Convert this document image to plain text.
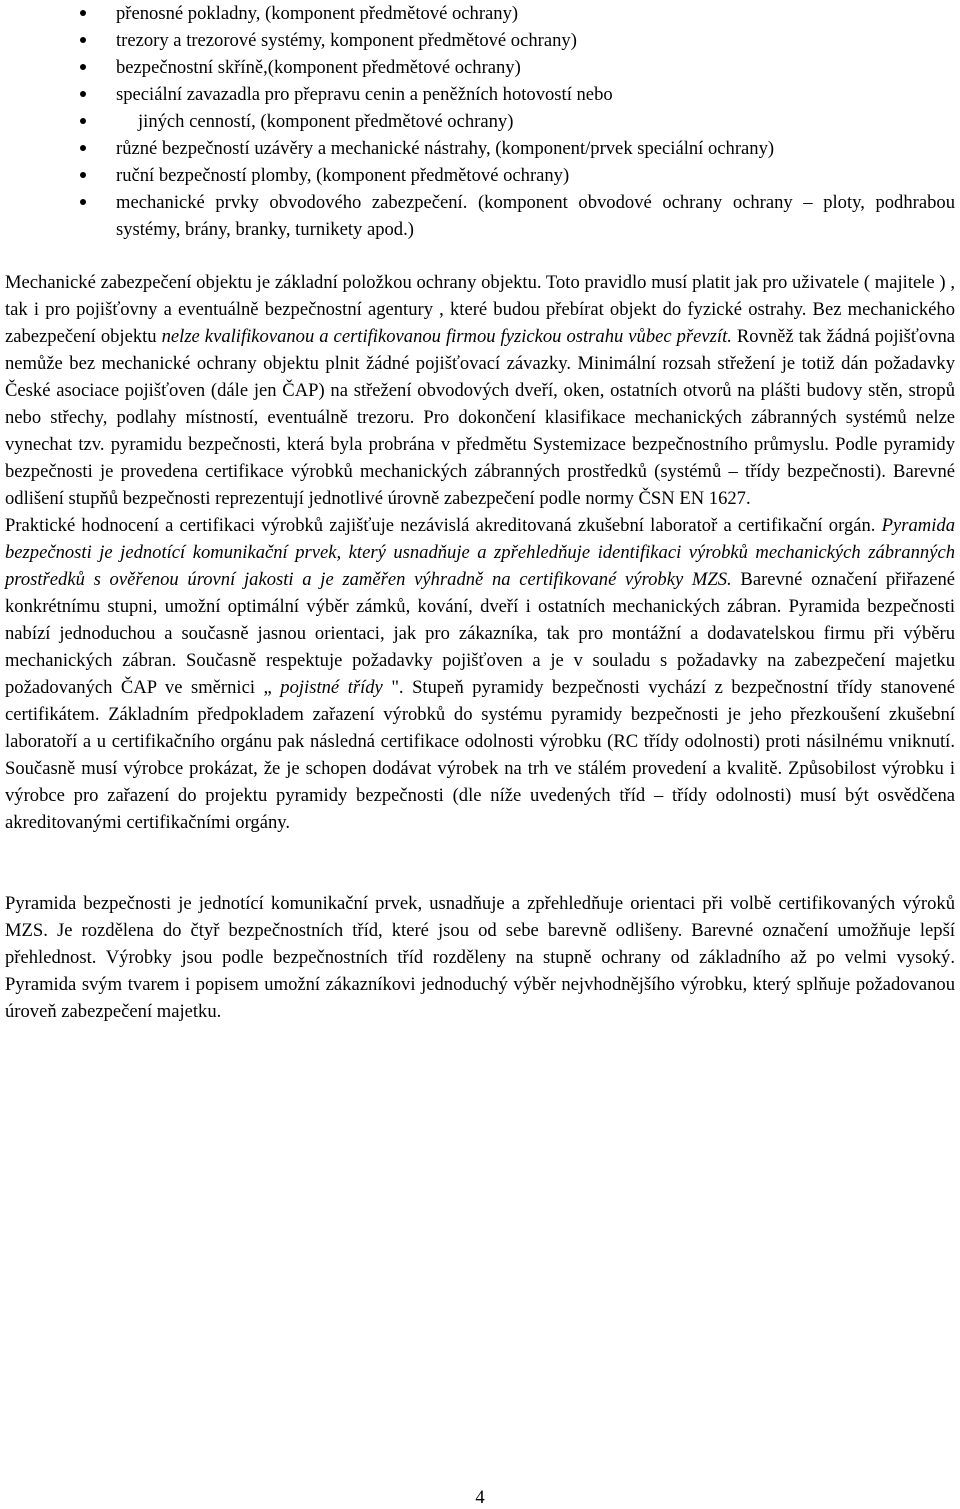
přenosné pokladny, (komponent předmětové ochrany)
trezory a trezorové systémy, komponent předmětové ochrany)
bezpečnostní skříně,(komponent předmětové ochrany)
speciální zavazadla pro přepravu cenin a peněžních hotovostí nebo
jiných cenností, (komponent předmětové ochrany)
různé bezpečností uzávěry a mechanické nástrahy, (komponent/prvek speciální ochrany)
ruční bezpečností plomby, (komponent předmětové ochrany)
mechanické prvky obvodového zabezpečení. (komponent obvodové ochrany ochrany – ploty, podhrabou systémy, brány, branky, turnikety apod.)

Mechanické zabezpečení objektu je základní položkou ochrany objektu. Toto pravidlo musí platit jak pro uživatele ( majitele ) , tak i pro pojišťovny a eventuálně bezpečnostní agentury , které budou přebírat objekt do fyzické ostrahy. Bez mechanického zabezpečení objektu nelze kvalifikovanou a certifikovanou firmou fyzickou ostrahu vůbec převzít. Rovněž tak žádná pojišťovna nemůže bez mechanické ochrany objektu plnit žádné pojišťovací závazky. Minimální rozsah střežení je totiž dán požadavky České asociace pojišťoven (dále jen ČAP) na střežení obvodových dveří, oken, ostatních otvorů na plášti budovy stěn, stropů nebo střechy, podlahy místností, eventuálně trezoru. Pro dokončení klasifikace mechanických zábranných systémů nelze vynechat tzv. pyramidu bezpečnosti, která byla probrána v předmětu Systemizace bezpečnostního průmyslu. Podle pyramidy bezpečnosti je provedena certifikace výrobků mechanických zábranných prostředků (systémů – třídy bezpečnosti). Barevné odlišení stupňů bezpečnosti reprezentují jednotlivé úrovně zabezpečení podle normy ČSN EN 1627.

Praktické hodnocení a certifikaci výrobků zajišťuje nezávislá akreditovaná zkušební laboratoř a certifikační orgán. Pyramida bezpečnosti je jednotící komunikační prvek, který usnadňuje a zpřehledňuje identifikaci výrobků mechanických zábranných prostředků s ověřenou úrovní jakosti a je zaměřen výhradně na certifikované výrobky MZS. Barevné označení přiřazené konkrétnímu stupni, umožní optimální výběr zámků, kování, dveří i ostatních mechanických zábran. Pyramida bezpečnosti nabízí jednoduchou a současně jasnou orientaci, jak pro zákazníka, tak pro montážní a dodavatelskou firmu při výběru mechanických zábran. Současně respektuje požadavky pojišťoven a je v souladu s požadavky na zabezpečení majetku požadovaných ČAP ve směrnici „ pojistné třídy ". Stupeň pyramidy bezpečnosti vychází z bezpečnostní třídy stanovené certifikátem. Základním předpokladem zařazení výrobků do systému pyramidy bezpečnosti je jeho přezkoušení zkušební laboratoří a u certifikačního orgánu pak následná certifikace odolnosti výrobku (RC třídy odolnosti) proti násilnému vniknutí. Současně musí výrobce prokázat, že je schopen dodávat výrobek na trh ve stálém provedení a kvalitě. Způsobilost výrobku i výrobce pro zařazení do projektu pyramidy bezpečnosti (dle níže uvedených tříd – třídy odolnosti) musí být osvědčena akreditovanými certifikačními orgány.

Pyramida bezpečnosti je jednotící komunikační prvek, usnadňuje a zpřehledňuje orientaci při volbě certifikovaných výroků MZS. Je rozdělena do čtyř bezpečnostních tříd, které jsou od sebe barevně odlišeny. Barevné označení umožňuje lepší přehlednost. Výrobky jsou podle bezpečnostních tříd rozděleny na stupně ochrany od základního až po velmi vysoký. Pyramida svým tvarem i popisem umožní zákazníkovi jednoduchý výběr nejvhodnějšího výrobku, který splňuje požadovanou úroveň zabezpečení majetku.

4
